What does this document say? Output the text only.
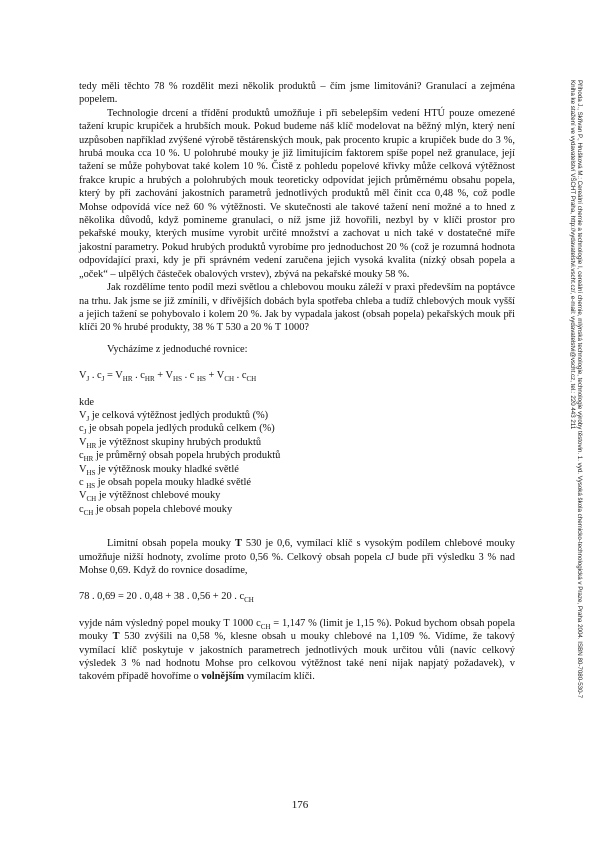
tedy měli těchto 78 % rozdělit mezi několik produktů – čím jsme limitováni? Granulací a zejména popelem.

Technologie drcení a třídění produktů umožňuje i při sebelepším vedení HTÚ pouze omezené tažení krupic krupiček a hrubších mouk. Pokud budeme náš klíč modelovat na běžný mlýn, který není uzpůsoben například zvýšené výrobě těstárenských mouk, pak procento krupic a krupiček bude do 3 %, hrubá mouka cca 10 %. U polohrubé mouky je již limitujícím faktorem spíše popel než granulace, její tažení se může pohybovat také kolem 10 %. Čistě z pohledu popelové křivky může celková výtěžnost frakce krupic a hrubých a polohrubých mouk teoreticky odpovídat jejich průměrnému obsahu popela, který by při zachování jakostních parametrů jednotlivých produktů měl činit cca 0,48 %, což podle Mohse odpovídá více než 60 % výtěžnosti. Ve skutečnosti ale takové tažení není možné a to hned z několika důvodů, když pomineme granulaci, o níž jsme již hovořili, nezbyl by v klíči prostor pro pekařské mouky, kterých musíme vyrobit určité množství a zachovat u nich také v dostatečné míře jakostní parametry. Pokud hrubých produktů vyrobíme pro jednoduchost 20 % (což je rozumná hodnota odpovídající praxi, kdy je při správném vedení zaručena jejich vysoká kvalita (nízký obsah popela a „oček“ – ulpělých částeček obalových vrstev), zbývá na pekařské mouky 58 %.

Jak rozdělíme tento podíl mezi světlou a chlebovou mouku záleží v praxi především na poptávce na trhu. Jak jsme se již zmínili, v dřívějších dobách byla spotřeba chleba a tudíž chlebových mouk vyšší a jejich tažení se pohybovalo i kolem 20 %. Jak by vypadala jakost (obsah popela) pekařských mouk při klíči 20 % hrubé produkty, 38 % T 530 a 20 % T 1000?

Vycházíme z jednoduché rovnice:

$V_J$ . $c_J = V_{HR}$ . $c_{HR} + V_{HS}$ . c $_{HS} + V_{CH}$ . $c_{CH}$

kde

$V_J$ je celková výtěžnost jedlých produktů (%)

$c_J$ je obsah popela jedlých produků celkem (%)

$V_{HR}$ je výtěžnost skupiny hrubých produktů

$c_{HR}$ je průměrný obsah popela hrubých produktů

$V_{HS}$ je výtěžnosk mouky hladké světlé

c $_{HS}$ je obsah popela mouky hladké světlé

$V_{CH}$ je výtěžnost chlebové mouky

$c_{CH}$ je obsah popela chlebové mouky

Limitní obsah popela mouky T 530 je 0,6, vymílací klíč s vysokým podílem chlebové mouky umožňuje nižší hodnoty, zvolíme proto 0,56 %. Celkový obsah popela cJ bude při výsledku 3 % nad Mohse 0,69. Když do rovnice dosadíme,

78 . 0,69 = 20 . 0,48 + 38 . 0,56 + 20 . $c_{CH}$

vyjde nám výsledný popel mouky T 1000 $c_{CH} = 1,147$ % (limit je 1,15 %). Pokud bychom obsah popela mouky T 530 zvýšili na 0,58 %, klesne obsah u mouky chlebové na 1,109 %. Vidíme, že takový vymílací klíč poskytuje v jakostních parametrech jednotlivých mouk určitou vůli (navíc celkový výsledek 3 % nad hodnotu Mohse pro celkovou výtěžnost také není nijak napjatý požadavek), v takovém případě hovoříme o volnějším vymílacím klíči.

176
Příhoda J., Skřivan P., Hrušková M.: Cereální chemie a technologie I, cereální chemie, mlýnská technologie, technologie výroby těstovin. 1. vyd. Vysoká škola chemicko-technologická v Praze, Praha 2004. ISBN 80-7080-530-7
Kniha ke stažení ve vydavatelství VŠCHT Praha, http://vydavatelstvi.vscht.cz/, e-mail: vydavatelstvi@vscht.cz, tel.: 220 443 211
